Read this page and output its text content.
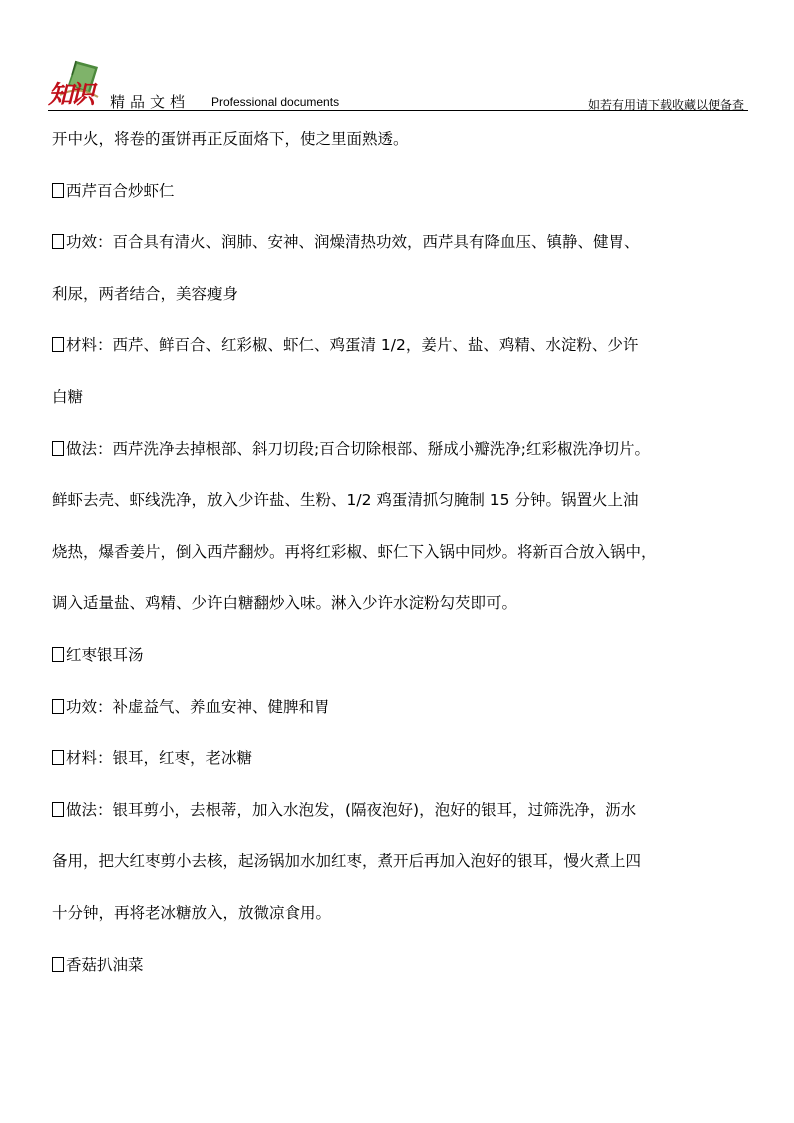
知识 精品文档 Professional documents	如若有用请下载收藏以便备查
开中火，将卷的蛋饼再正反面烙下，使之里面熟透。
西芹百合炒虾仁
功效：百合具有清火、润肺、安神、润燥清热功效，西芹具有降血压、镇静、健胃、
利尿，两者结合，美容瘦身
材料：西芹、鲜百合、红彩椒、虾仁、鸡蛋清 1/2，姜片、盐、鸡精、水淀粉、少许
白糖
做法：西芹洗净去掉根部、斜刀切段;百合切除根部、掰成小瓣洗净;红彩椒洗净切片。
鲜虾去壳、虾线洗净，放入少许盐、生粉、1/2 鸡蛋清抓匀腌制 15 分钟。锅置火上油
烧热，爆香姜片，倒入西芹翻炒。再将红彩椒、虾仁下入锅中同炒。将新百合放入锅中，
调入适量盐、鸡精、少许白糖翻炒入味。淋入少许水淀粉勾芡即可。
红枣银耳汤
功效：补虚益气、养血安神、健脾和胃
材料：银耳，红枣，老冰糖
做法：银耳剪小，去根蒂，加入水泡发，(隔夜泡好)，泡好的银耳，过筛洗净，沥水
备用，把大红枣剪小去核，起汤锅加水加红枣，煮开后再加入泡好的银耳，慢火煮上四
十分钟，再将老冰糖放入，放微凉食用。
香菇扒油菜
